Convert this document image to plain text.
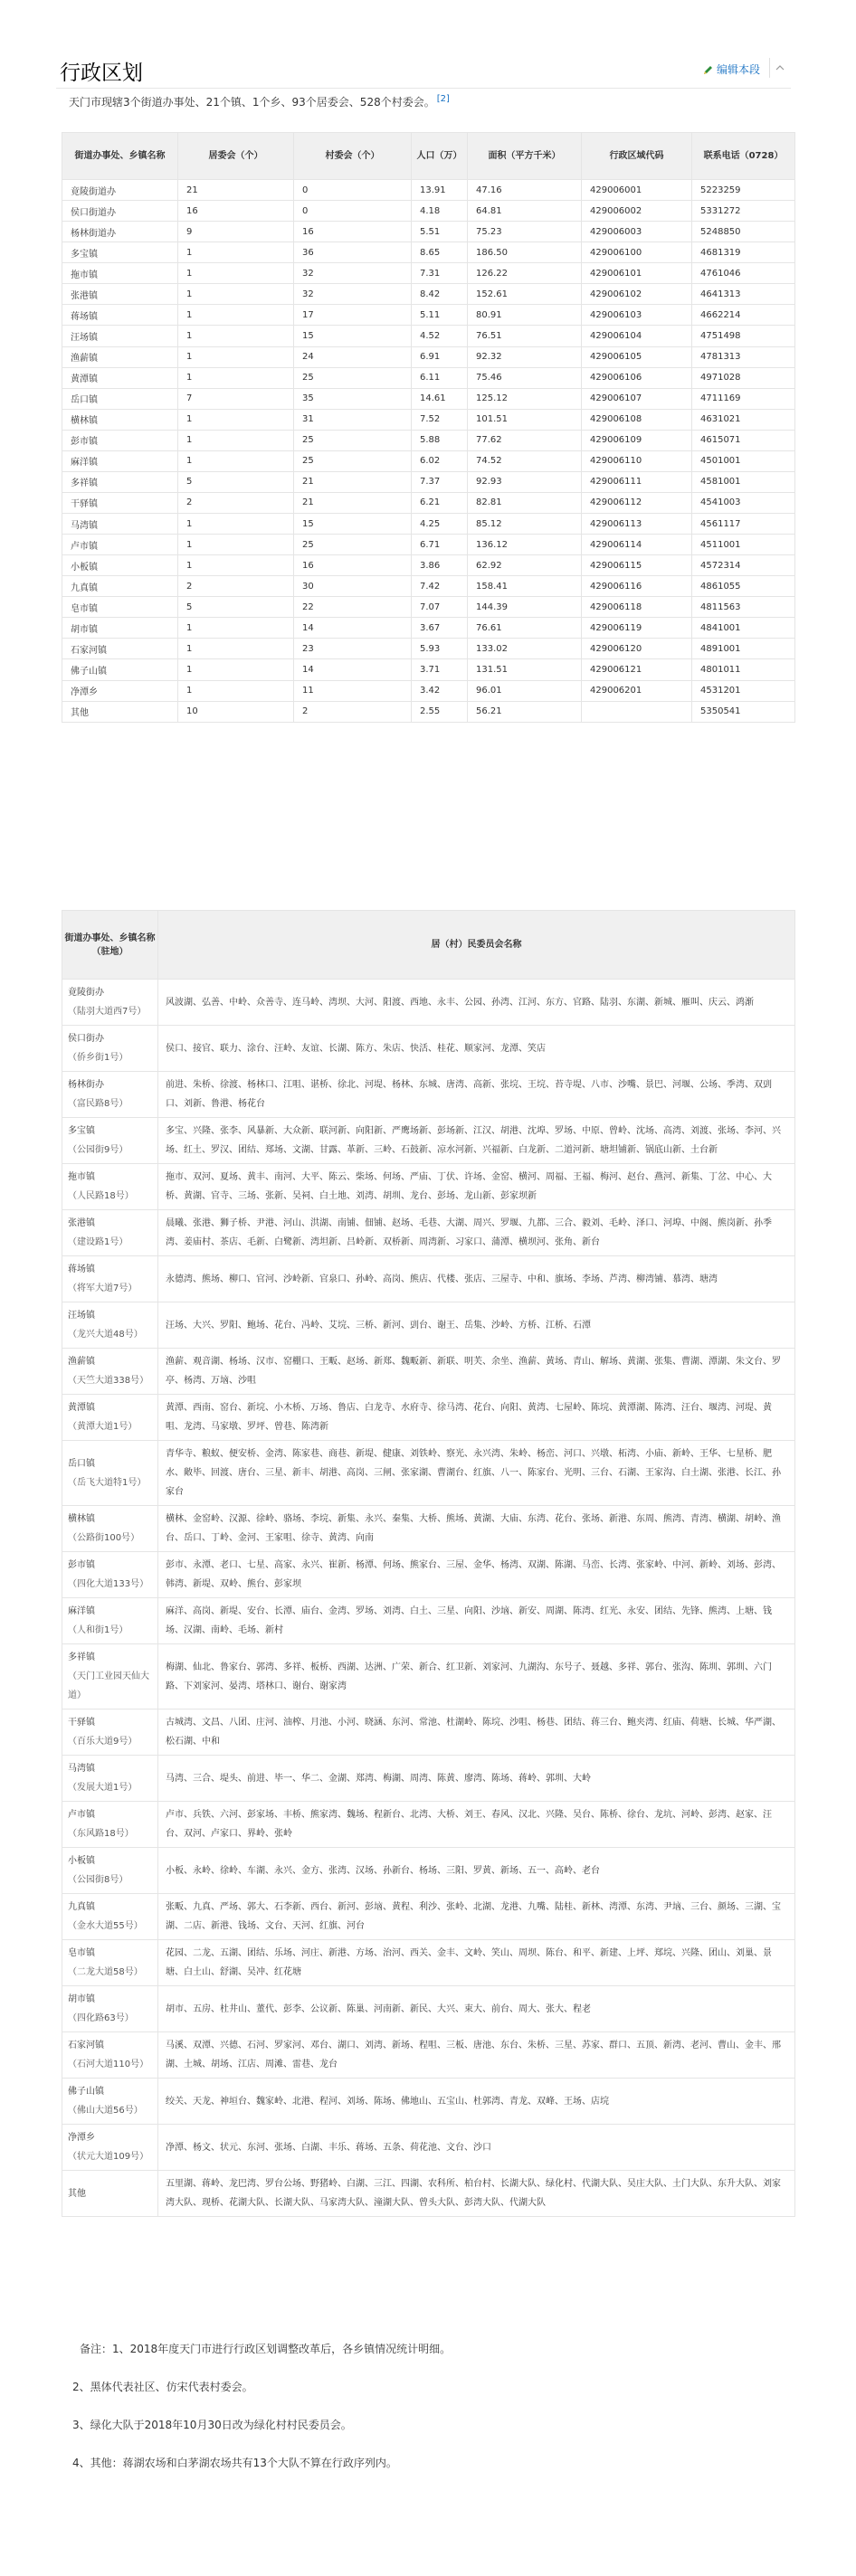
行政区划	编辑本段

天门市现辖3个街道办事处、21个镇、1个乡、93个居委会、528个村委会。 [2]

街道办事处、乡镇名称	居委会（个）	村委会（个）	人口（万）	面积（平方千米）	行政区域代码	联系电话（0728）
竟陵街道办	21	0	13.91	47.16	429006001	5223259
侯口街道办	16	0	4.18	64.81	429006002	5331272
杨林街道办	9	16	5.51	75.23	429006003	5248850
多宝镇	1	36	8.65	186.50	429006100	4681319
拖市镇	1	32	7.31	126.22	429006101	4761046
张港镇	1	32	8.42	152.61	429006102	4641313
蒋场镇	1	17	5.11	80.91	429006103	4662214
汪场镇	1	15	4.52	76.51	429006104	4751498
渔薪镇	1	24	6.91	92.32	429006105	4781313
黄潭镇	1	25	6.11	75.46	429006106	4971028
岳口镇	7	35	14.61	125.12	429006107	4711169
横林镇	1	31	7.52	101.51	429006108	4631021
彭市镇	1	25	5.88	77.62	429006109	4615071
麻洋镇	1	25	6.02	74.52	429006110	4501001
多祥镇	5	21	7.37	92.93	429006111	4581001
干驿镇	2	21	6.21	82.81	429006112	4541003
马湾镇	1	15	4.25	85.12	429006113	4561117
卢市镇	1	25	6.71	136.12	429006114	4511001
小板镇	1	16	3.86	62.92	429006115	4572314
九真镇	2	30	7.42	158.41	429006116	4861055
皂市镇	5	22	7.07	144.39	429006118	4811563
胡市镇	1	14	3.67	76.61	429006119	4841001
石家河镇	1	23	5.93	133.02	429006120	4891001
佛子山镇	1	14	3.71	131.51	429006121	4801011
净潭乡	1	11	3.42	96.01	429006201	4531201
其他	10	2	2.55	56.21		5350541
街道办事处、乡镇名称（驻地）	居（村）民委员会名称
竟陵街办
（陆羽大道西7号）	风波湖、弘善、中岭、众善寺、连马岭、湾坝、大河、阳渡、西地、永丰、公园、孙湾、江河、东方、官路、陆羽、东湖、新城、雁叫、庆云、鸿渐
侯口街办
（侨乡街1号）	侯口、接官、联力、涂台、汪岭、友谊、长湖、陈方、朱店、快活、桂花、顺家河、龙潭、笑店
杨林街办
（富民路8号）	前进、朱桥、徐渡、杨林口、江咀、谌桥、徐北、河堤、杨林、东城、唐湾、高新、张垸、王垸、苔寺堤、八市、沙嘴、景巴、河堰、公场、季湾、双剅口、刘新、鲁港、杨花台
多宝镇
（公园街9号）	多宝、兴隆、张李、风暴新、大众新、联河新、向阳新、严鹰场新、彭场新、江汉、胡港、沈埠、罗场、中原、曾岭、沈场、高湾、刘渡、张场、李河、兴场、红土、罗汉、团结、郑场、文湖、甘露、革新、三岭、石鼓新、凉水河新、兴福新、白龙新、二道河新、塘坦铺新、锅底山新、土台新
拖市镇
（人民路18号）	拖市、双河、夏场、黄丰、南河、大平、陈云、柴场、何场、严庙、丁伏、许场、金窑、横河、周福、王福、梅河、赵台、燕河、新集、丁岔、中心、大桥、黄湖、官寺、三场、张新、吴祠、白土地、刘湾、胡圳、龙台、彭场、龙山新、彭家坝新
张港镇
（建设路1号）	晨曦、张港、狮子桥、尹港、河山、洪湖、南铺、佃铺、赵场、毛巷、大湖、周兴、罗堰、九都、三合、毅刘、毛岭、泽口、河埠、中阁、熊岗新、孙季湾、姜庙村、茶店、毛新、白鹭新、湾坦新、吕岭新、双桥新、周湾新、习家口、蒲潭、横坝河、张角、新台
蒋场镇
（将军大道7号）	永德湾、熊场、柳口、官河、沙岭新、官泉口、孙岭、高岗、熊店、代楼、张店、三屋寺、中和、旗场、李场、芦湾、柳湾铺、慕湾、塘湾
汪场镇
（龙兴大道48号）	汪场、大兴、罗阳、鲍场、花台、冯岭、艾垸、三桥、新河、剅台、谢王、岳集、沙岭、方桥、江桥、石潭
渔薪镇
（天竺大道338号）	渔薪、观音湖、杨场、汉市、窑棚口、王畈、赵场、新郑、魏畈新、新联、明芙、余坐、渔薪、黄场、青山、解场、黄湖、张集、曹湖、潭湖、朱文台、罗亭、杨湾、万垴、沙咀
黄潭镇
（黄潭大道1号）	黄潭、西南、窑台、新垸、小木桥、万场、鲁店、白龙寺、水府寺、徐马湾、花台、向阳、黄湾、七屋岭、陈垸、黄潭湖、陈湾、汪台、堰湾、河堤、黄咀、龙湾、马家墩、罗坪、曾巷、陈湾新
岳口镇
（岳飞大道特1号）	青华寺、粮蚁、便安桥、金湾、陈家巷、商巷、新堤、健康、刘铁岭、察光、永兴湾、朱岭、杨峦、河口、兴墩、柘湾、小庙、新岭、王华、七星桥、肥水、敞毕、回渡、唐台、三星、新丰、胡港、高岗、三闸、张家湖、曹湖台、红旗、八一、陈家台、光明、三台、石湖、王家沟、白土湖、张港、长江、孙家台
横林镇
（公路街100号）	横林、金窑岭、汉源、徐岭、骆场、李垸、新集、永兴、秦集、大桥、熊场、黄湖、大庙、东湾、花台、张场、新港、东周、熊湾、青湾、横湖、胡岭、渔台、岳口、丁岭、金河、王家咀、徐寺、黄湾、向南
彭市镇
（四化大道133号）	彭市、永潭、老口、七星、高家、永兴、崔新、杨潭、何场、熊家台、三屋、金华、杨湾、双湖、陈湖、马峦、长湾、张家岭、中河、新岭、刘场、彭湾、韩湾、新堤、双岭、熊台、彭家坝
麻洋镇
（人和街1号）	麻洋、高岗、新堤、安台、长潭、庙台、金湾、罗场、刘湾、白土、三星、向阳、沙垴、新安、周湖、陈湾、红光、永安、团结、先锋、熊湾、上塘、钱场、汉湖、南岭、毛场、新村
多祥镇
（天门工业园天仙大道）	梅湖、仙北、鲁家台、郭湾、多祥、板桥、西湖、达洲、广荣、新合、红卫新、刘家河、九湖沟、东号子、聂越、多祥、郭台、张沟、陈圳、郭圳、六门路、下刘家河、晏湾、塔林口、谢台、谢家湾
干驿镇
（百乐大道9号）	古城湾、文昌、八团、庄河、油榨、月池、小河、晓涵、东河、常池、杜湖岭、陈垸、沙咀、杨巷、团结、蒋三台、鲍夹湾、红庙、荷塘、长城、华严湖、松石湖、中和
马湾镇
（发展大道1号）	马湾、三合、堤头、前进、毕一、华二、金湖、郑湾、梅湖、周湾、陈黄、廖湾、陈场、蒋岭、郭圳、大岭
卢市镇
（东风路18号）	卢市、兵铁、六河、彭家场、丰桥、熊家湾、魏场、程新台、北湾、大桥、刘王、春风、汉北、兴隆、吴台、陈桥、徐台、龙坑、河岭、彭湾、赵家、汪台、双河、卢家口、界岭、张岭
小板镇
（公园街8号）	小板、永岭、徐岭、车湖、永兴、金方、张湾、汉场、孙新台、杨场、三阳、罗黄、新场、五一、高岭、老台
九真镇
（金水大道55号）	张畈、九真、严场、郭大、石李新、西台、新河、彭垴、黄程、利沙、张岭、北湖、龙港、九嘴、陆桂、新林、湾潭、东湾、尹垴、三台、颜场、三湖、宝湖、二店、新港、钱场、文台、天河、红旗、河台
皂市镇
（二龙大道58号）	花园、二龙、五湖、团结、乐场、河庄、新港、方场、治河、西关、金丰、文岭、笑山、周坝、陈台、和平、新建、上坪、郑垸、兴隆、团山、刘巢、景塘、白土山、舒湖、吴冲、红花塘
胡市镇
（四化路63号）	胡市、五房、杜井山、董代、彭李、公议新、陈巢、河南新、新民、大兴、束大、前台、周大、张大、程老
石家河镇
（石河大道110号）	马溪、双潭、兴德、石河、罗家河、邓台、湖口、刘湾、新场、程咀、三板、唐池、东台、朱桥、三星、苏家、群口、五顶、新湾、老河、曹山、金丰、邢湖、土城、胡场、江店、周滩、雷巷、龙台
佛子山镇
（佛山大道56号）	绞关、天龙、神垣台、魏家岭、北港、程河、刘场、陈场、佛地山、五宝山、杜郭湾、青龙、双峰、王场、店垸
净潭乡
（状元大道109号）	净潭、杨文、状元、东河、张场、白湖、丰乐、蒋场、五条、荷花池、文台、沙口
其他	五里湖、蒋岭、龙巴湾、罗台公场、野猪岭、白湖、三江、四湖、农科所、柏台村、长湖大队、绿化村、代湖大队、吴庄大队、土门大队、东升大队、刘家湾大队、现桥、花湖大队、长湖大队、马家湾大队、潼湖大队、曾头大队、彭湾大队、代湖大队

备注：1、2018年度天门市进行行政区划调整改革后，各乡镇情况统计明细。

2、黑体代表社区、仿宋代表村委会。

3、绿化大队于2018年10月30日改为绿化村村民委员会。

4、其他：蒋湖农场和白茅湖农场共有13个大队不算在行政序列内。
